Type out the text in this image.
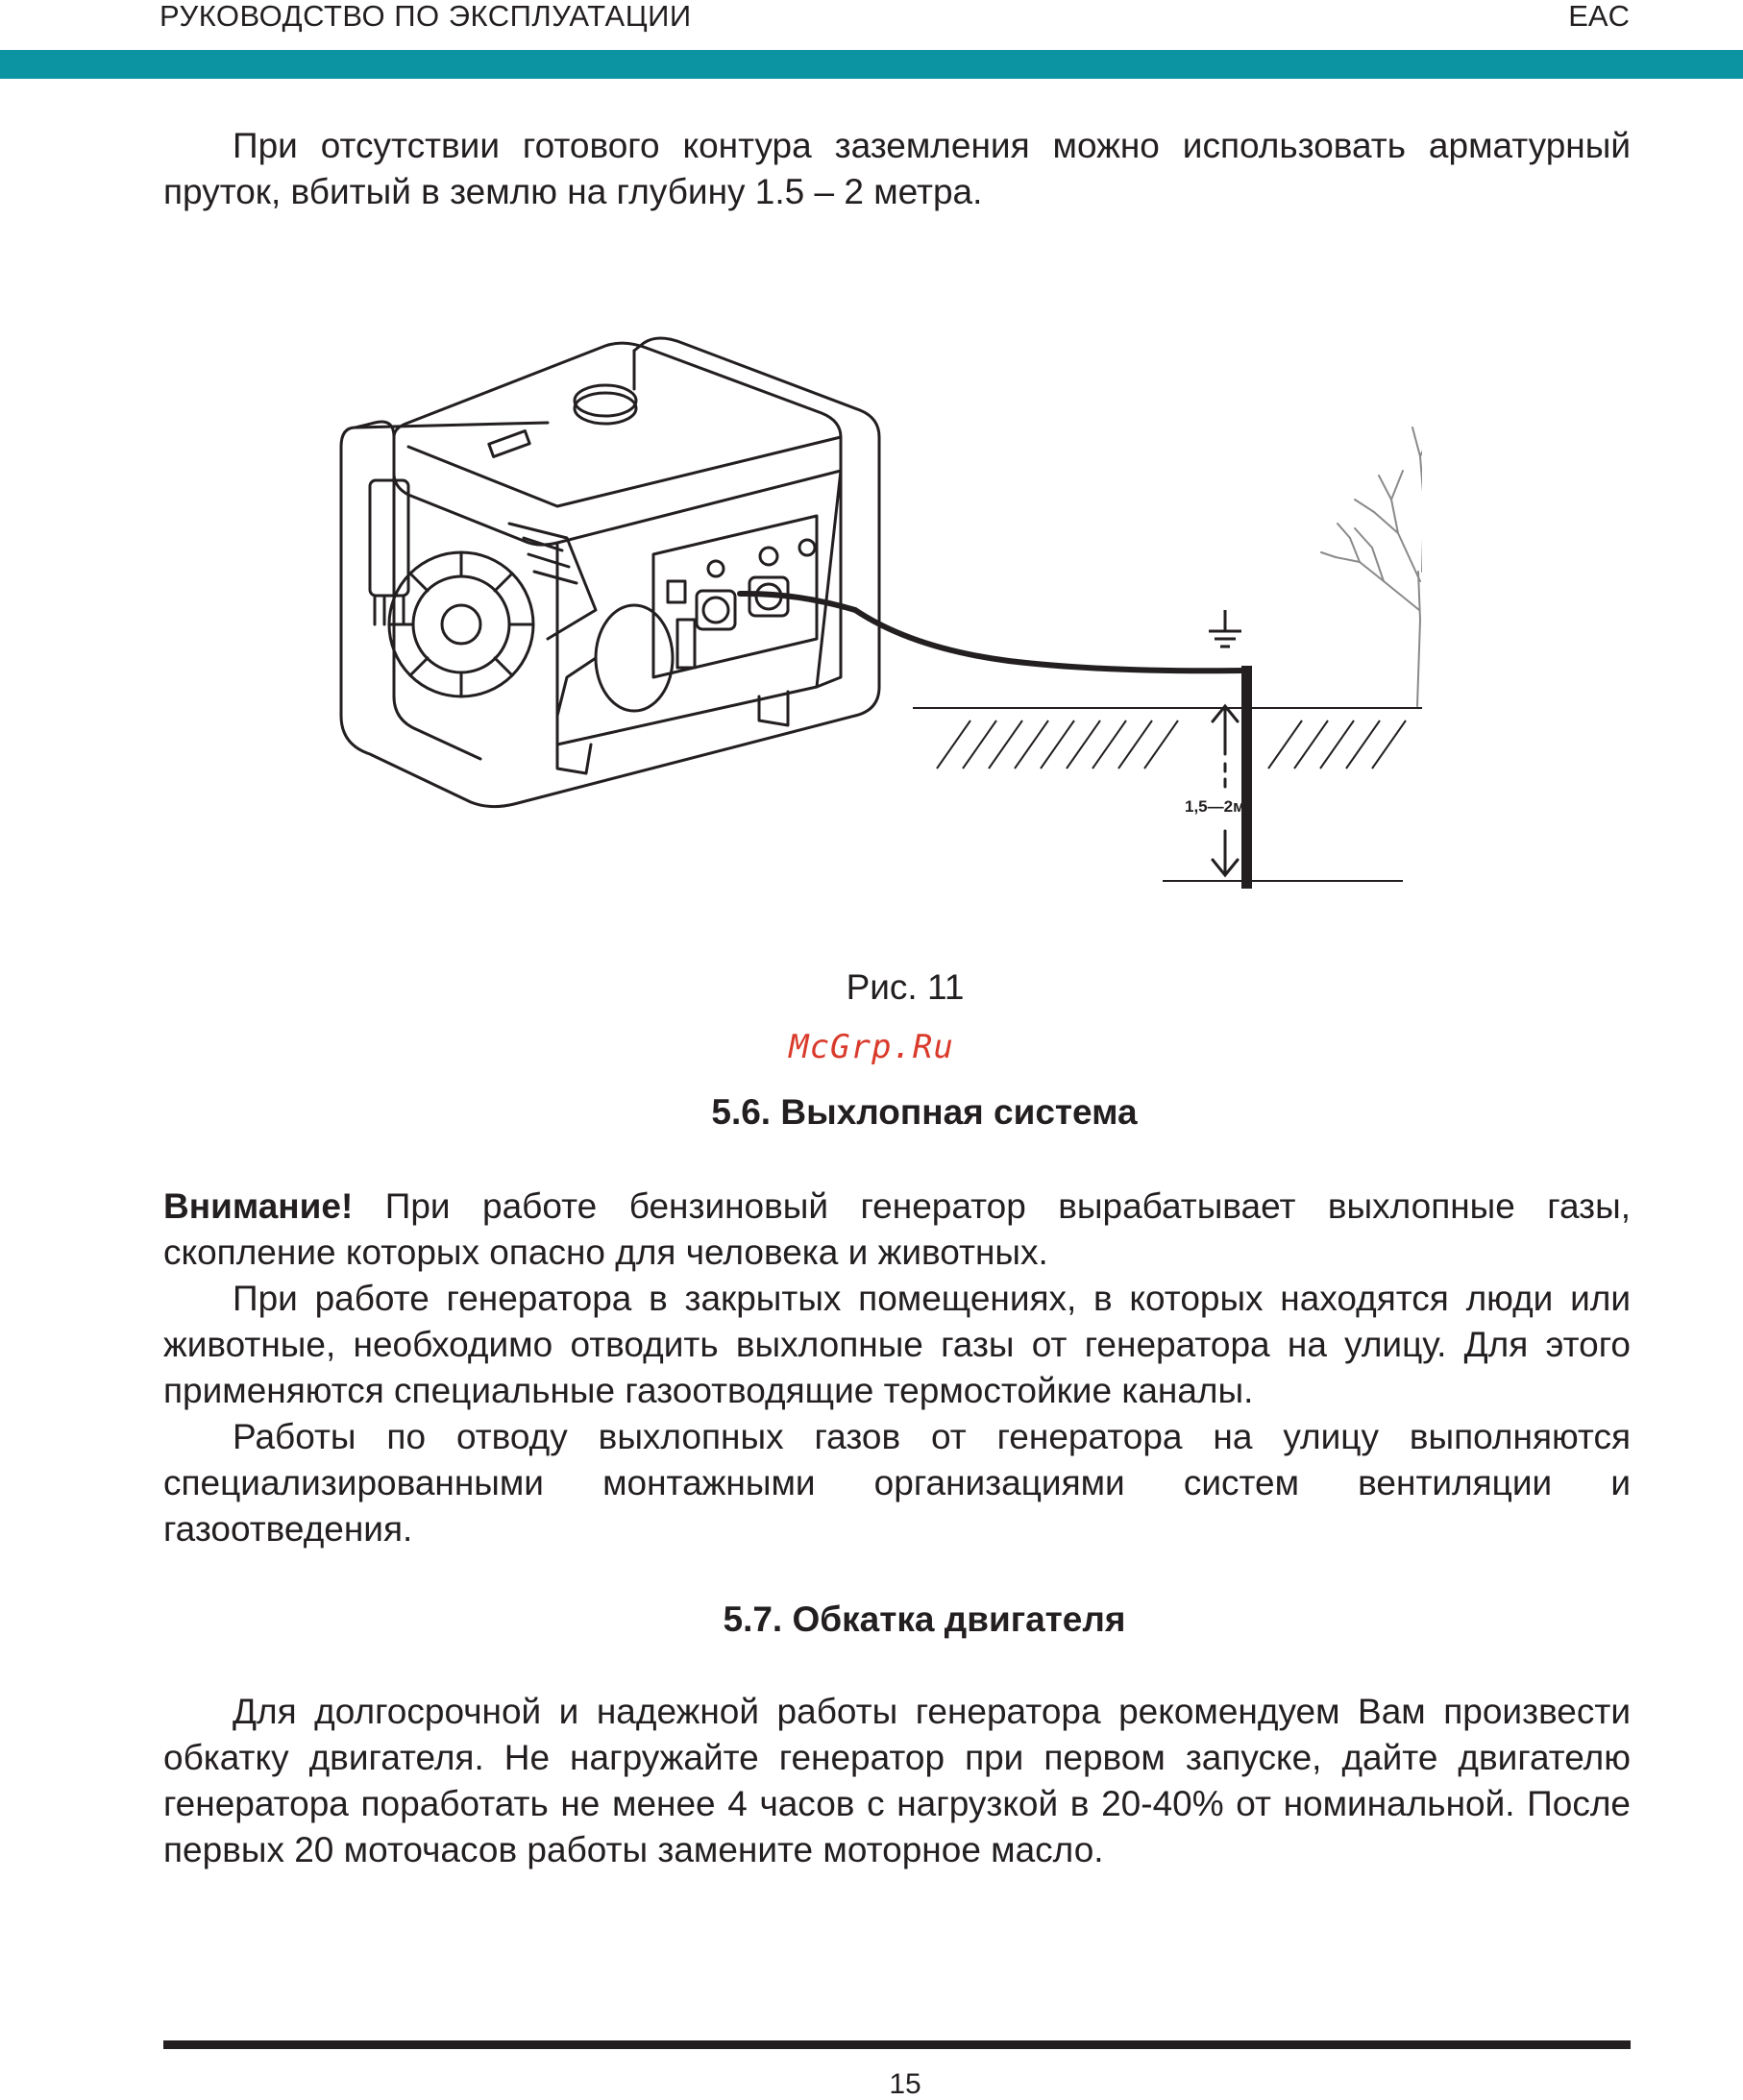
РУКОВОДСТВО ПО ЭКСПЛУАТАЦИИ	EAC

При отсутствии готового контура заземления можно использовать арматурный пруток, вбитый в землю на глубину 1.5 – 2 метра.

1,5—2м
Рис. 11
McGrp.Ru
5.6. Выхлопная система

Внимание! При работе бензиновый генератор вырабатывает выхлопные газы, скопление которых опасно для человека и животных.

При работе генератора в закрытых помещениях, в которых находятся люди или животные, необходимо отводить выхлопные газы от генератора на улицу. Для этого применяются специальные газоотводящие термостойкие каналы.

Работы по отводу выхлопных газов от генератора на улицу выполняются специализированными монтажными организациями систем вентиляции и газоотведения.

5.7. Обкатка двигателя

Для долгосрочной и надежной работы генератора рекомендуем Вам произвести обкатку двигателя. Не нагружайте генератор при первом запуске, дайте двигателю генератора поработать не менее 4 часов с нагрузкой в 20-40% от номинальной. После первых 20 моточасов работы замените моторное масло.

15
